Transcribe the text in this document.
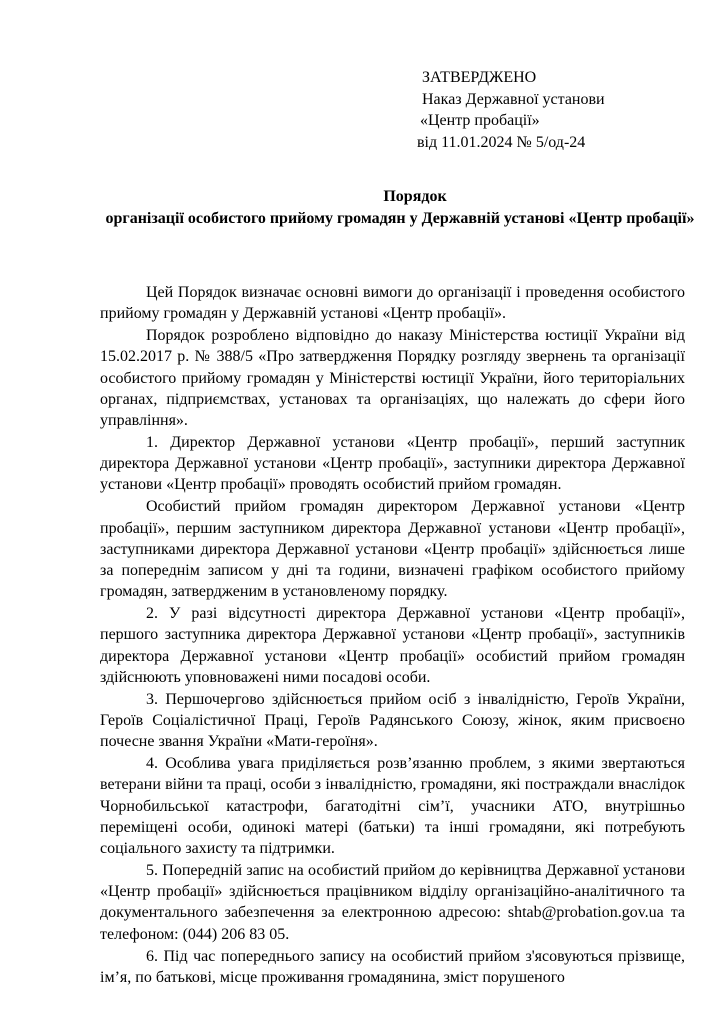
ЗАТВЕРДЖЕНО
Наказ Державної установи
«Центр пробації»
від 11.01.2024 № 5/од-24
Порядок
організації особистого прийому громадян у Державній установі «Центр пробації»

Цей Порядок визначає основні вимоги до організації і проведення особистого прийому громадян у Державній установі «Центр пробації».

Порядок розроблено відповідно до наказу Міністерства юстиції України від 15.02.2017 р. № 388/5 «Про затвердження Порядку розгляду звернень та організації особистого прийому громадян у Міністерстві юстиції України, його територіальних органах, підприємствах, установах та організаціях, що належать до сфери його управління».

1. Директор Державної установи «Центр пробації», перший заступник директора Державної установи «Центр пробації», заступники директора Державної установи «Центр пробації» проводять особистий прийом громадян.

Особистий прийом громадян директором Державної установи «Центр пробації», першим заступником директора Державної установи «Центр пробації», заступниками директора Державної установи «Центр пробації» здійснюється лише за попереднім записом у дні та години, визначені графіком особистого прийому громадян, затвердженим в установленому порядку.

2. У разі відсутності директора Державної установи «Центр пробації», першого заступника директора Державної установи «Центр пробації», заступників директора Державної установи «Центр пробації» особистий прийом громадян здійснюють уповноважені ними посадові особи.

3. Першочергово здійснюється прийом осіб з інвалідністю, Героїв України, Героїв Соціалістичної Праці, Героїв Радянського Союзу, жінок, яким присвоєно почесне звання України «Мати-героїня».

4. Особлива увага приділяється розв’язанню проблем, з якими звертаються ветерани війни та праці, особи з інвалідністю, громадяни, які постраждали внаслідок Чорнобильської катастрофи, багатодітні сім’ї, учасники АТО, внутрішньо переміщені особи, одинокі матері (батьки) та інші громадяни, які потребують соціального захисту та підтримки.

5. Попередній запис на особистий прийом до керівництва Державної установи «Центр пробації» здійснюється працівником відділу організаційно-аналітичного та документального забезпечення за електронною адресою: shtab@probation.gov.ua та телефоном: (044) 206 83 05.

6. Під час попереднього запису на особистий прийом з'ясовуються прізвище, ім’я, по батькові, місце проживання громадянина, зміст порушеного
